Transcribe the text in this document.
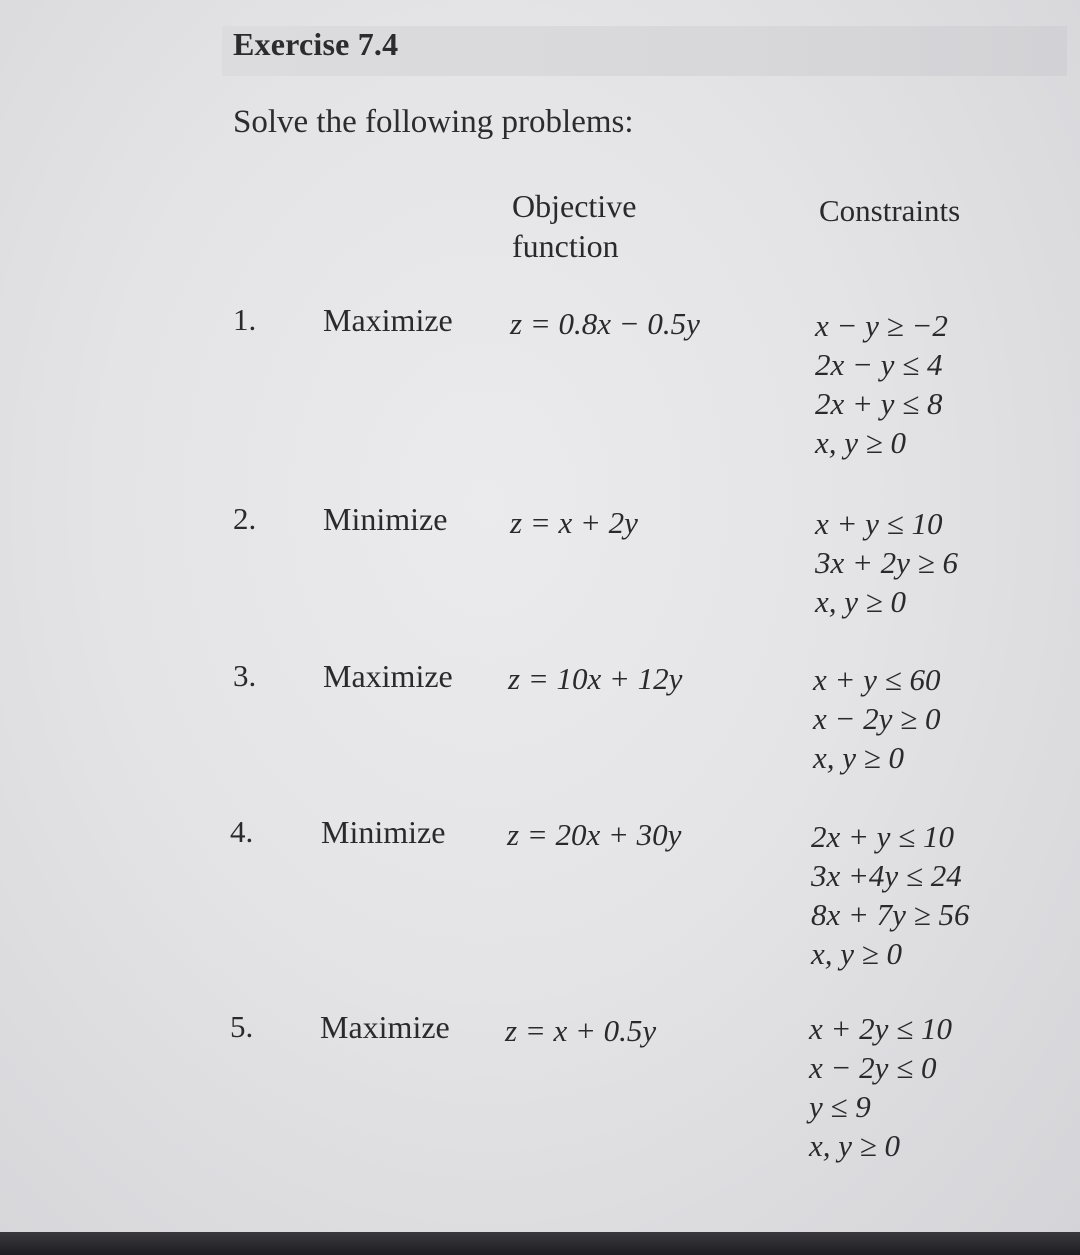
Exercise 7.4
Solve the following problems:
Objective
function
Constraints
1. Maximize z = 0.8x − 0.5y	x − y ≥ −2
2x − y ≤ 4
2x + y ≤ 8
x, y ≥ 0
2. Minimize z = x + 2y	x + y ≤ 10
3x + 2y ≥ 6
x, y ≥ 0
3. Maximize z = 10x + 12y	x + y ≤ 60
x − 2y ≥ 0
x, y ≥ 0
4. Minimize z = 20x + 30y	2x + y ≤ 10
3x +4y ≤ 24
8x + 7y ≥ 56
x, y ≥ 0
5. Maximize z = x + 0.5y	x + 2y ≤ 10
x − 2y ≤ 0
y ≤ 9
x, y ≥ 0
